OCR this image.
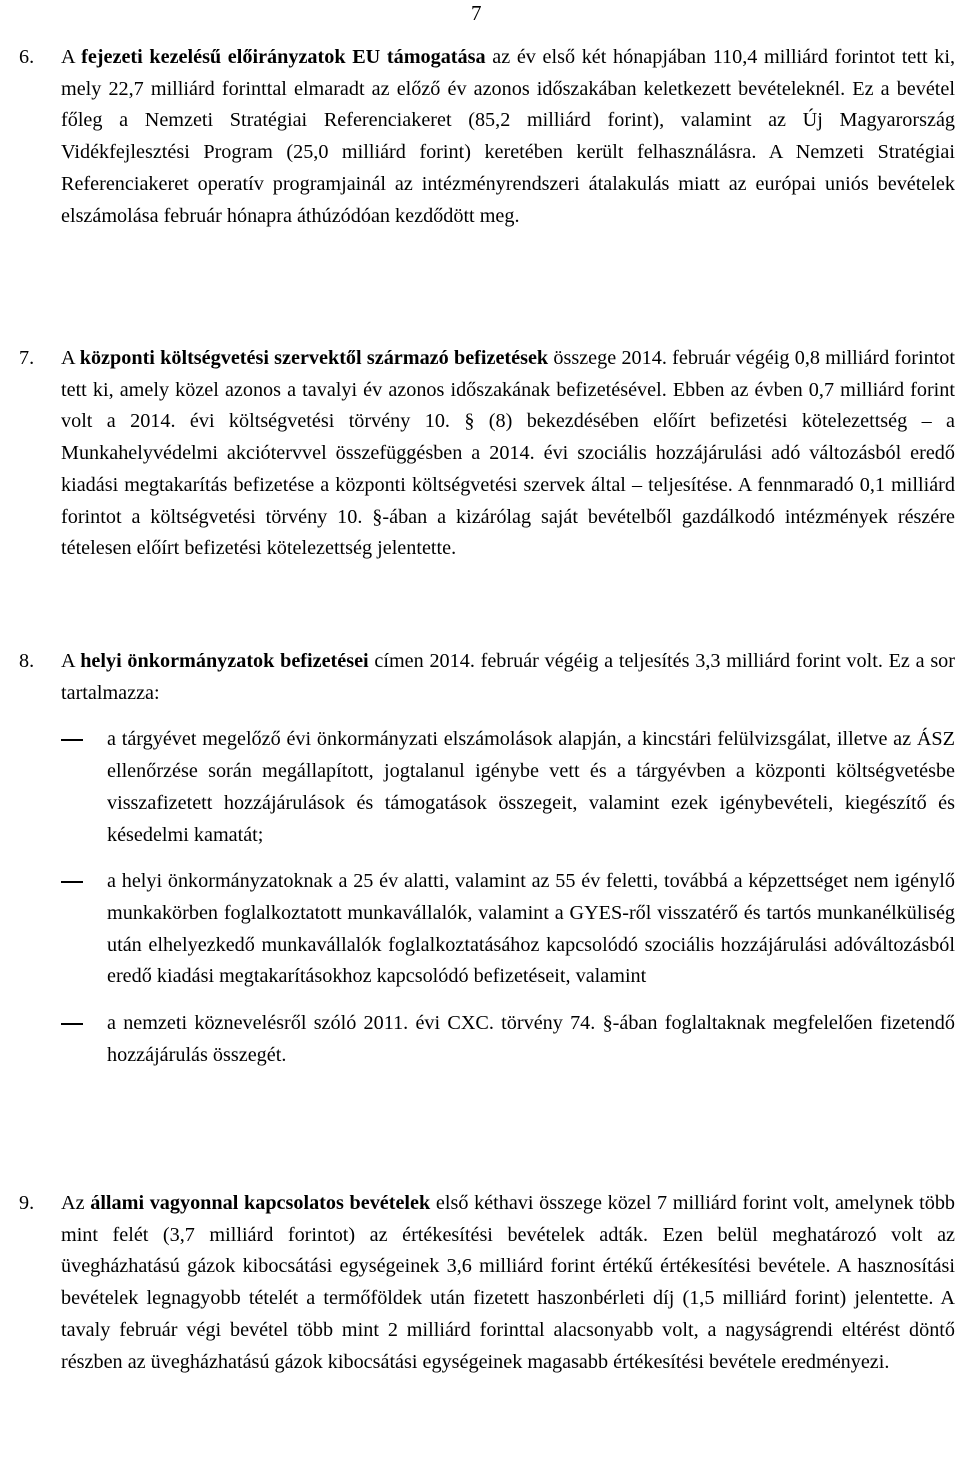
7
6.	A fejezeti kezelésű előirányzatok EU támogatása az év első két hónapjában 110,4 milliárd forintot tett ki, mely 22,7 milliárd forinttal elmaradt az előző év azonos időszakában keletkezett bevételeknél. Ez a bevétel főleg a Nemzeti Stratégiai Referenciakeret (85,2 milliárd forint), valamint az Új Magyarország Vidékfejlesztési Program (25,0 milliárd forint) keretében került felhasználásra. A Nemzeti Stratégiai Referenciakeret operatív programjainál az intézményrendszeri átalakulás miatt az európai uniós bevételek elszámolása február hónapra áthúzódóan kezdődött meg.
7.	A központi költségvetési szervektől származó befizetések összege 2014. február végéig 0,8 milliárd forintot tett ki, amely közel azonos a tavalyi év azonos időszakának befizetésével. Ebben az évben 0,7 milliárd forint volt a 2014. évi költségvetési törvény 10. § (8) bekezdésében előírt befizetési kötelezettség – a Munkahelyvédelmi akciótervvel összefüggésben a 2014. évi szociális hozzájárulási adó változásból eredő kiadási megtakarítás befizetése a központi költségvetési szervek által – teljesítése. A fennmaradó 0,1 milliárd forintot a költségvetési törvény 10. §-ában a kizárólag saját bevételből gazdálkodó intézmények részére tételesen előírt befizetési kötelezettség jelentette.
8.	A helyi önkormányzatok befizetései címen 2014. február végéig a teljesítés 3,3 milliárd forint volt. Ez a sor tartalmazza:

a tárgyévet megelőző évi önkormányzati elszámolások alapján, a kincstári felülvizsgálat, illetve az ÁSZ ellenőrzése során megállapított, jogtalanul igénybe vett és a tárgyévben a központi költségvetésbe visszafizetett hozzájárulások és támogatások összegeit, valamint ezek igénybevételi, kiegészítő és késedelmi kamatát;
a helyi önkormányzatoknak a 25 év alatti, valamint az 55 év feletti, továbbá a képzettséget nem igénylő munkakörben foglalkoztatott munkavállalók, valamint a GYES-ről visszatérő és tartós munkanélküliség után elhelyezkedő munkavállalók foglalkoztatásához kapcsolódó szociális hozzájárulási adóváltozásból eredő kiadási megtakarításokhoz kapcsolódó befizetéseit, valamint
a nemzeti köznevelésről szóló 2011. évi CXC. törvény 74. §-ában foglaltaknak megfelelően fizetendő hozzájárulás összegét.
9.	Az állami vagyonnal kapcsolatos bevételek első kéthavi összege közel 7 milliárd forint volt, amelynek több mint felét (3,7 milliárd forintot) az értékesítési bevételek adták. Ezen belül meghatározó volt az üvegházhatású gázok kibocsátási egységeinek 3,6 milliárd forint értékű értékesítési bevétele. A hasznosítási bevételek legnagyobb tételét a termőföldek után fizetett haszonbérleti díj (1,5 milliárd forint) jelentette. A tavaly február végi bevétel több mint 2 milliárd forinttal alacsonyabb volt, a nagyságrendi eltérést döntő részben az üvegházhatású gázok kibocsátási egységeinek magasabb értékesítési bevétele eredményezi.
